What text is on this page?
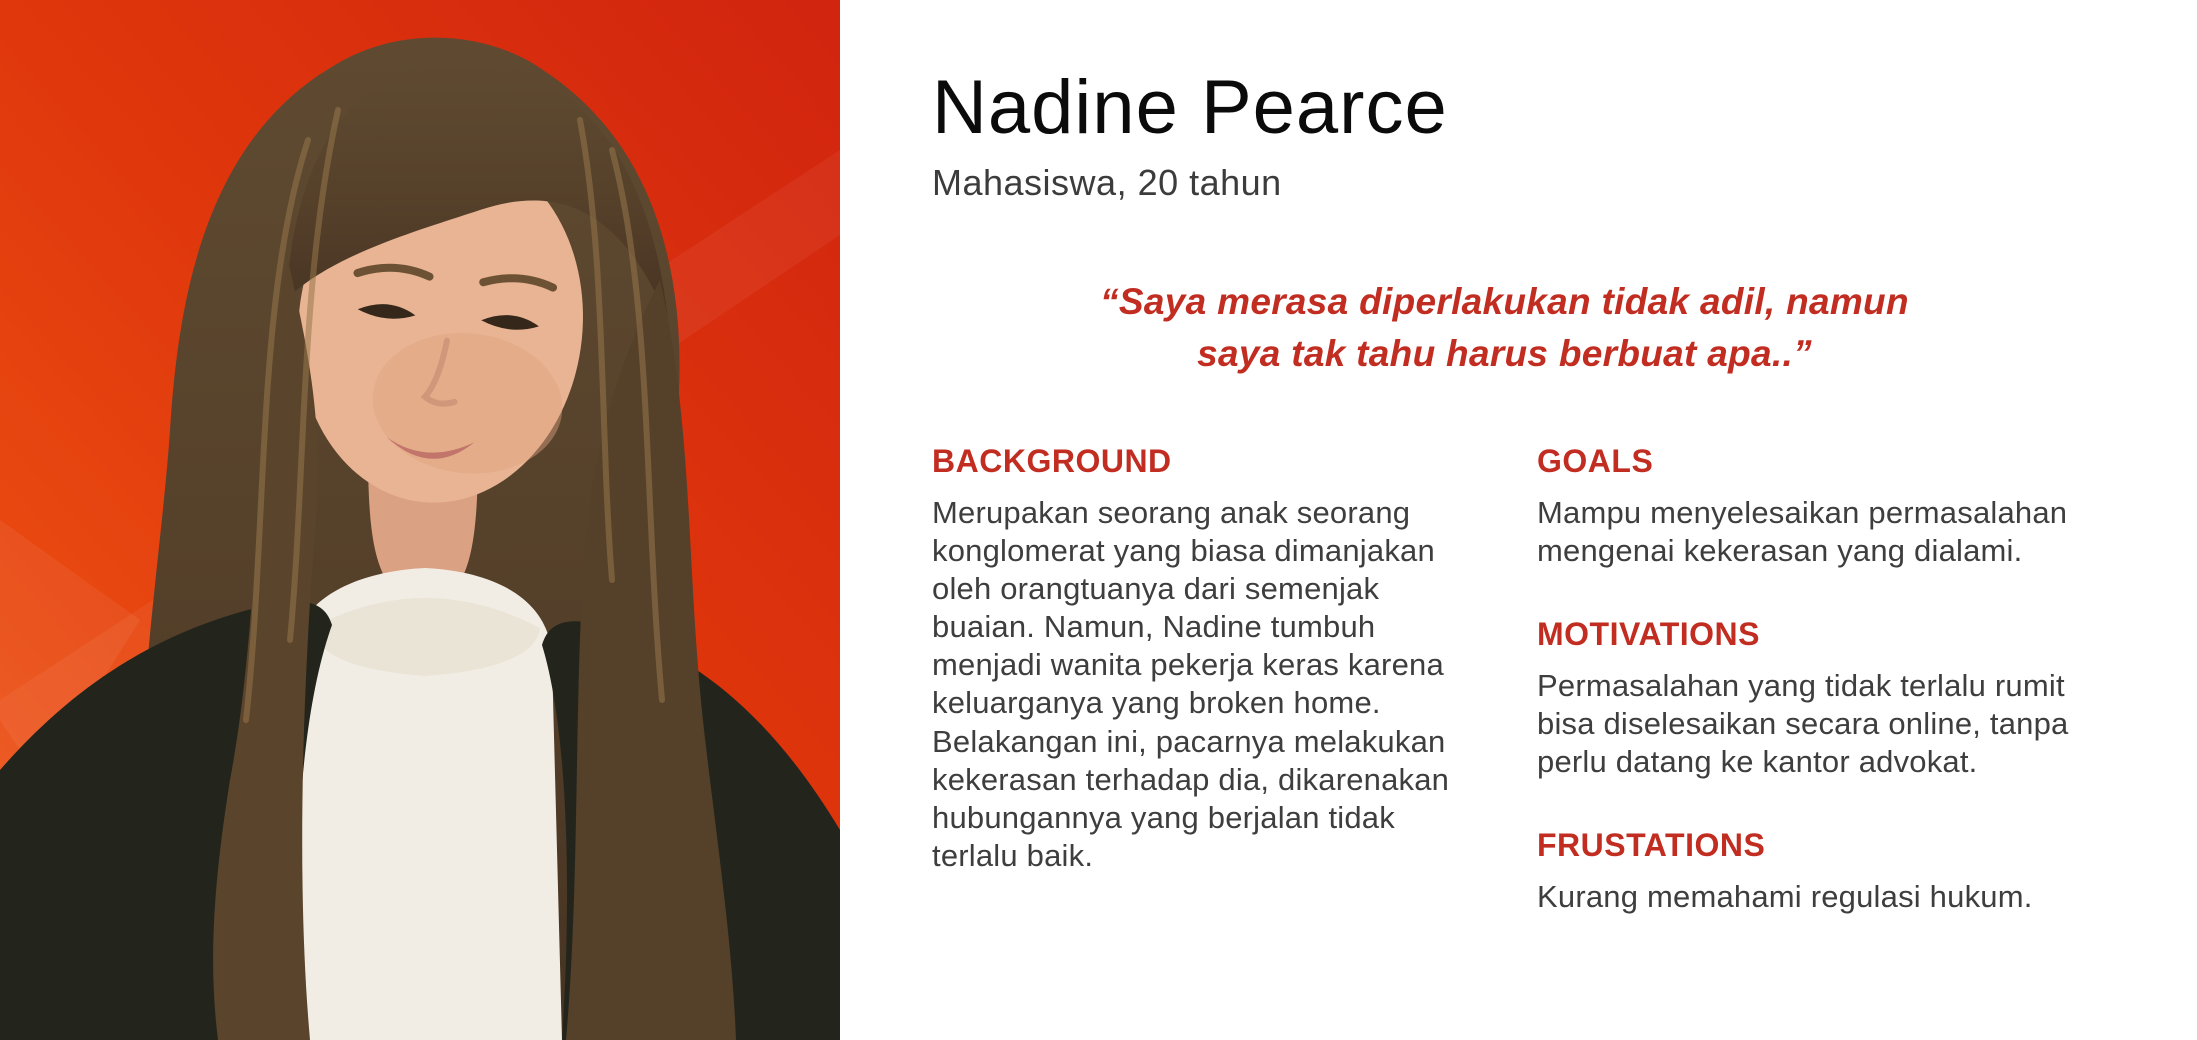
Nadine Pearce
Mahasiswa, 20 tahun
“Saya merasa diperlakukan tidak adil, namun
saya tak tahu harus berbuat apa..”
BACKGROUND
Merupakan seorang anak seorang konglomerat yang biasa dimanjakan oleh orangtuanya dari semenjak buaian. Namun, Nadine tumbuh menjadi wanita pekerja keras karena keluarganya yang broken home. Belakangan ini, pacarnya melakukan kekerasan terhadap dia, dikarenakan hubungannya yang berjalan tidak terlalu baik.
GOALS
Mampu menyelesaikan permasalahan mengenai kekerasan yang dialami.
MOTIVATIONS
Permasalahan yang tidak terlalu rumit bisa diselesaikan secara online, tanpa perlu datang ke kantor advokat.
FRUSTATIONS
Kurang memahami regulasi hukum.
